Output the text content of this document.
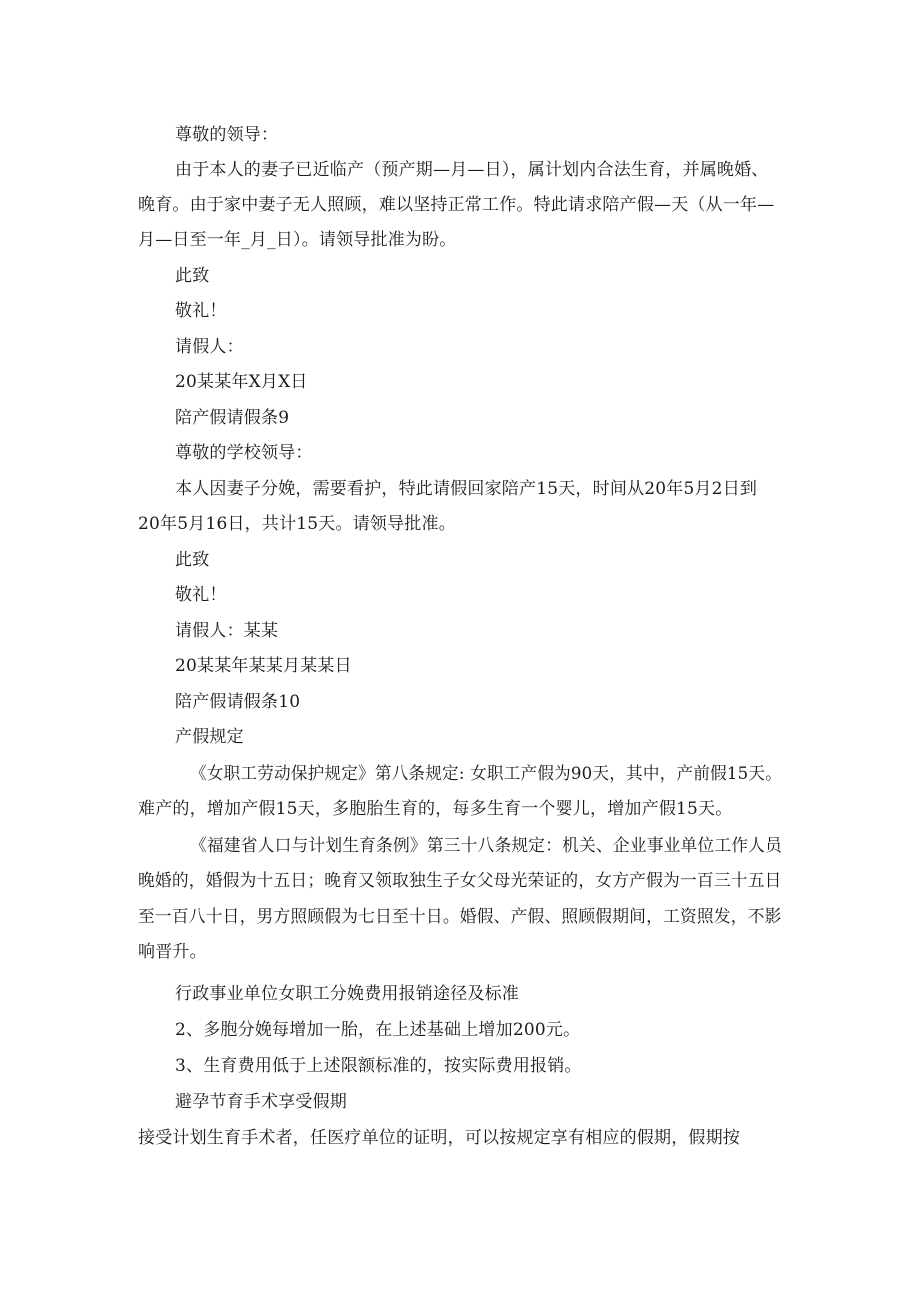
尊敬的领导：
由于本人的妻子已近临产（预产期—月—日），属计划内合法生育，并属晚婚、
晚育。由于家中妻子无人照顾，难以坚持正常工作。特此请求陪产假—天（从一年—
月—日至一年_月_日）。请领导批准为盼。
此致
敬礼！
请假人：
20某某年X月X日
陪产假请假条9
尊敬的学校领导：
本人因妻子分娩，需要看护，特此请假回家陪产15天，时间从20年5月2日到
20年5月16日，共计15天。请领导批准。
此致
敬礼！
请假人：某某
20某某年某某月某某日
陪产假请假条10
产假规定
《女职工劳动保护规定》第八条规定: 女职工产假为90天，其中，产前假15天。
难产的，增加产假15天，多胞胎生育的，每多生育一个婴儿，增加产假15天。
《福建省人口与计划生育条例》第三十八条规定：机关、企业事业单位工作人员
晚婚的，婚假为十五日；晚育又领取独生子女父母光荣证的，女方产假为一百三十五日
至一百八十日，男方照顾假为七日至十日。婚假、产假、照顾假期间，工资照发，不影
响晋升。
行政事业单位女职工分娩费用报销途径及标准
2、多胞分娩每增加一胎，在上述基础上增加200元。
3、生育费用低于上述限额标准的，按实际费用报销。
避孕节育手术享受假期
接受计划生育手术者，任医疗单位的证明，可以按规定享有相应的假期，假期按
